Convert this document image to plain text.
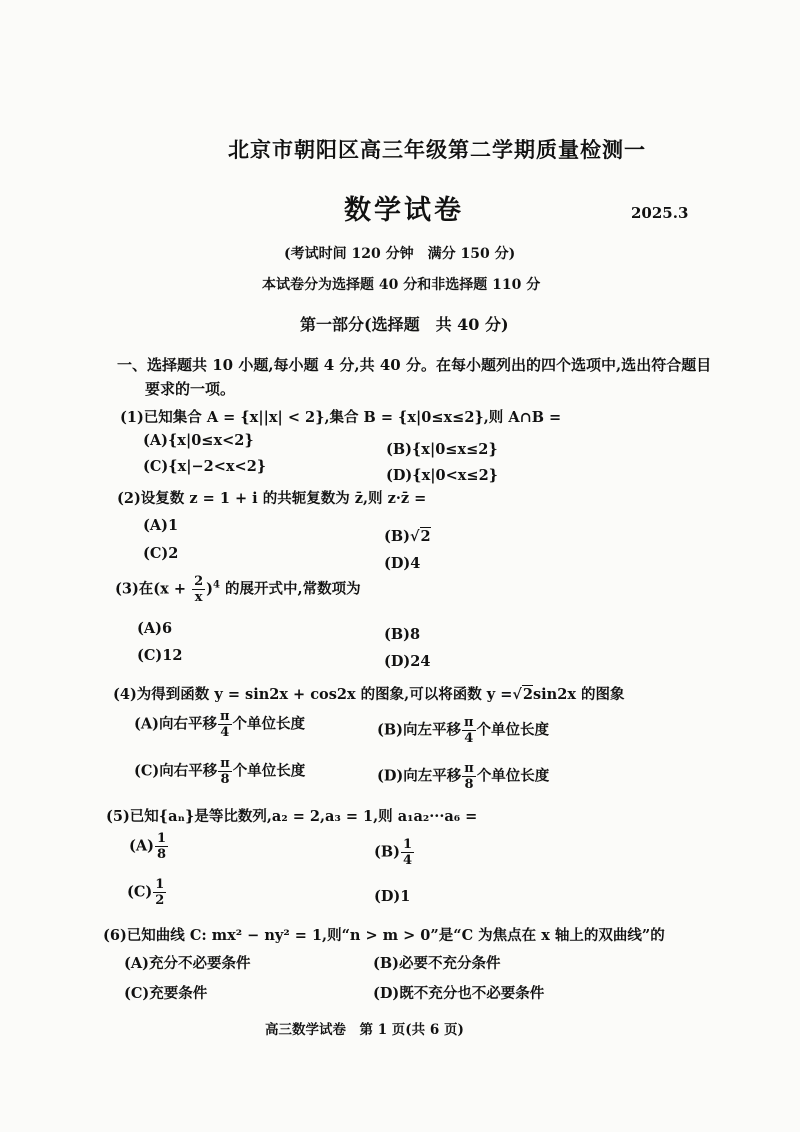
北京市朝阳区高三年级第二学期质量检测一
数学试卷	2025.3
(考试时间 120 分钟　满分 150 分)
本试卷分为选择题 40 分和非选择题 110 分
第一部分(选择题　共 40 分)
一、选择题共 10 小题,每小题 4 分,共 40 分。在每小题列出的四个选项中,选出符合题目
要求的一项。
(1)已知集合 A = {x||x| < 2},集合 B = {x|0≤x≤2},则 A∩B =
(A){x|0≤x<2}
(B){x|0≤x≤2}
(C){x|−2<x<2}
(D){x|0<x≤2}
(2)设复数 z = 1 + i 的共轭复数为 z̄,则 z·z̄ =
(A)1
(B)√2
(C)2
(D)4
(3)在$(x + \frac{2}{x} )^4$ 的展开式中,常数项为
(A)6	(B)8
(C)12	(D)24
(4)为得到函数 y = sin2x + cos2x 的图象,可以将函数 y =√2sin2x 的图象
(A)向右平移 $\frac{\pi}{4}$ 个单位长度	(B)向左平移 $\frac{\pi}{4}$ 个单位长度
(C)向右平移 $\frac{\pi}{8}$ 个单位长度	(D)向左平移 $\frac{\pi}{8}$ 个单位长度
(5)已知{aₙ}是等比数列,a₂ = 2,a₃ = 1,则 a₁a₂···a₆ =
$(A) \frac{1}{8}$	$(B) \frac{1}{4}$
$(C) \frac{1}{2}$	(D)1
(6)已知曲线 C: mx² − ny² = 1,则“n > m > 0”是“C 为焦点在 x 轴上的双曲线”的
(A)充分不必要条件	(B)必要不充分条件
(C)充要条件	(D)既不充分也不必要条件
高三数学试卷　第 1 页(共 6 页)
